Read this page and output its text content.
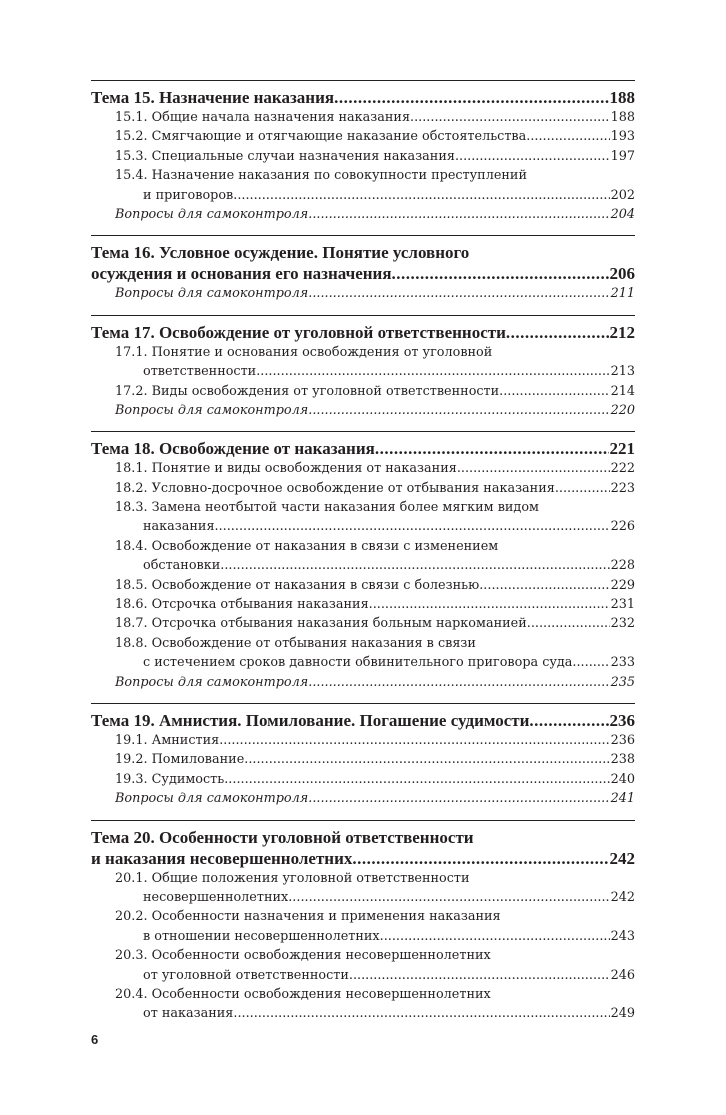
Тема 15. Назначение наказания .....	188
15.1. Общие начала назначения наказания .....	188
15.2. Смягчающие и отягчающие наказание обстоятельства .....	193
15.3. Специальные случаи назначения наказания .....	197
15.4. Назначение наказания по совокупности преступлений
и приговоров .....	202
Вопросы для самоконтроля .....	204
Тема 16. Условное осуждение. Понятие условного
осуждения и основания его назначения .....	206
Вопросы для самоконтроля .....	211
Тема 17. Освобождение от уголовной ответственности .....	212
17.1. Понятие и основания освобождения от уголовной
ответственности .....	213
17.2. Виды освобождения от уголовной ответственности .....	214
Вопросы для самоконтроля .....	220
Тема 18. Освобождение от наказания .....	221
18.1. Понятие и виды освобождения от наказания .....	222
18.2. Условно-досрочное освобождение от отбывания наказания .....	223
18.3. Замена неотбытой части наказания более мягким видом
наказания .....	226
18.4. Освобождение от наказания в связи с изменением
обстановки .....	228
18.5. Освобождение от наказания в связи с болезнью .....	229
18.6. Отсрочка отбывания наказания .....	231
18.7. Отсрочка отбывания наказания больным наркоманией .....	232
18.8. Освобождение от отбывания наказания в связи
с истечением сроков давности обвинительного приговора суда .....	233
Вопросы для самоконтроля .....	235
Тема 19. Амнистия. Помилование. Погашение судимости .....	236
19.1. Амнистия .....	236
19.2. Помилование .....	238
19.3. Судимость .....	240
Вопросы для самоконтроля .....	241
Тема 20. Особенности уголовной ответственности
и наказания несовершеннолетних .....	242
20.1. Общие положения уголовной ответственности
несовершеннолетних .....	242
20.2. Особенности назначения и применения наказания
в отношении несовершеннолетних .....	243
20.3. Особенности освобождения несовершеннолетних
от уголовной ответственности .....	246
20.4. Особенности освобождения несовершеннолетних
от наказания .....	249
6
